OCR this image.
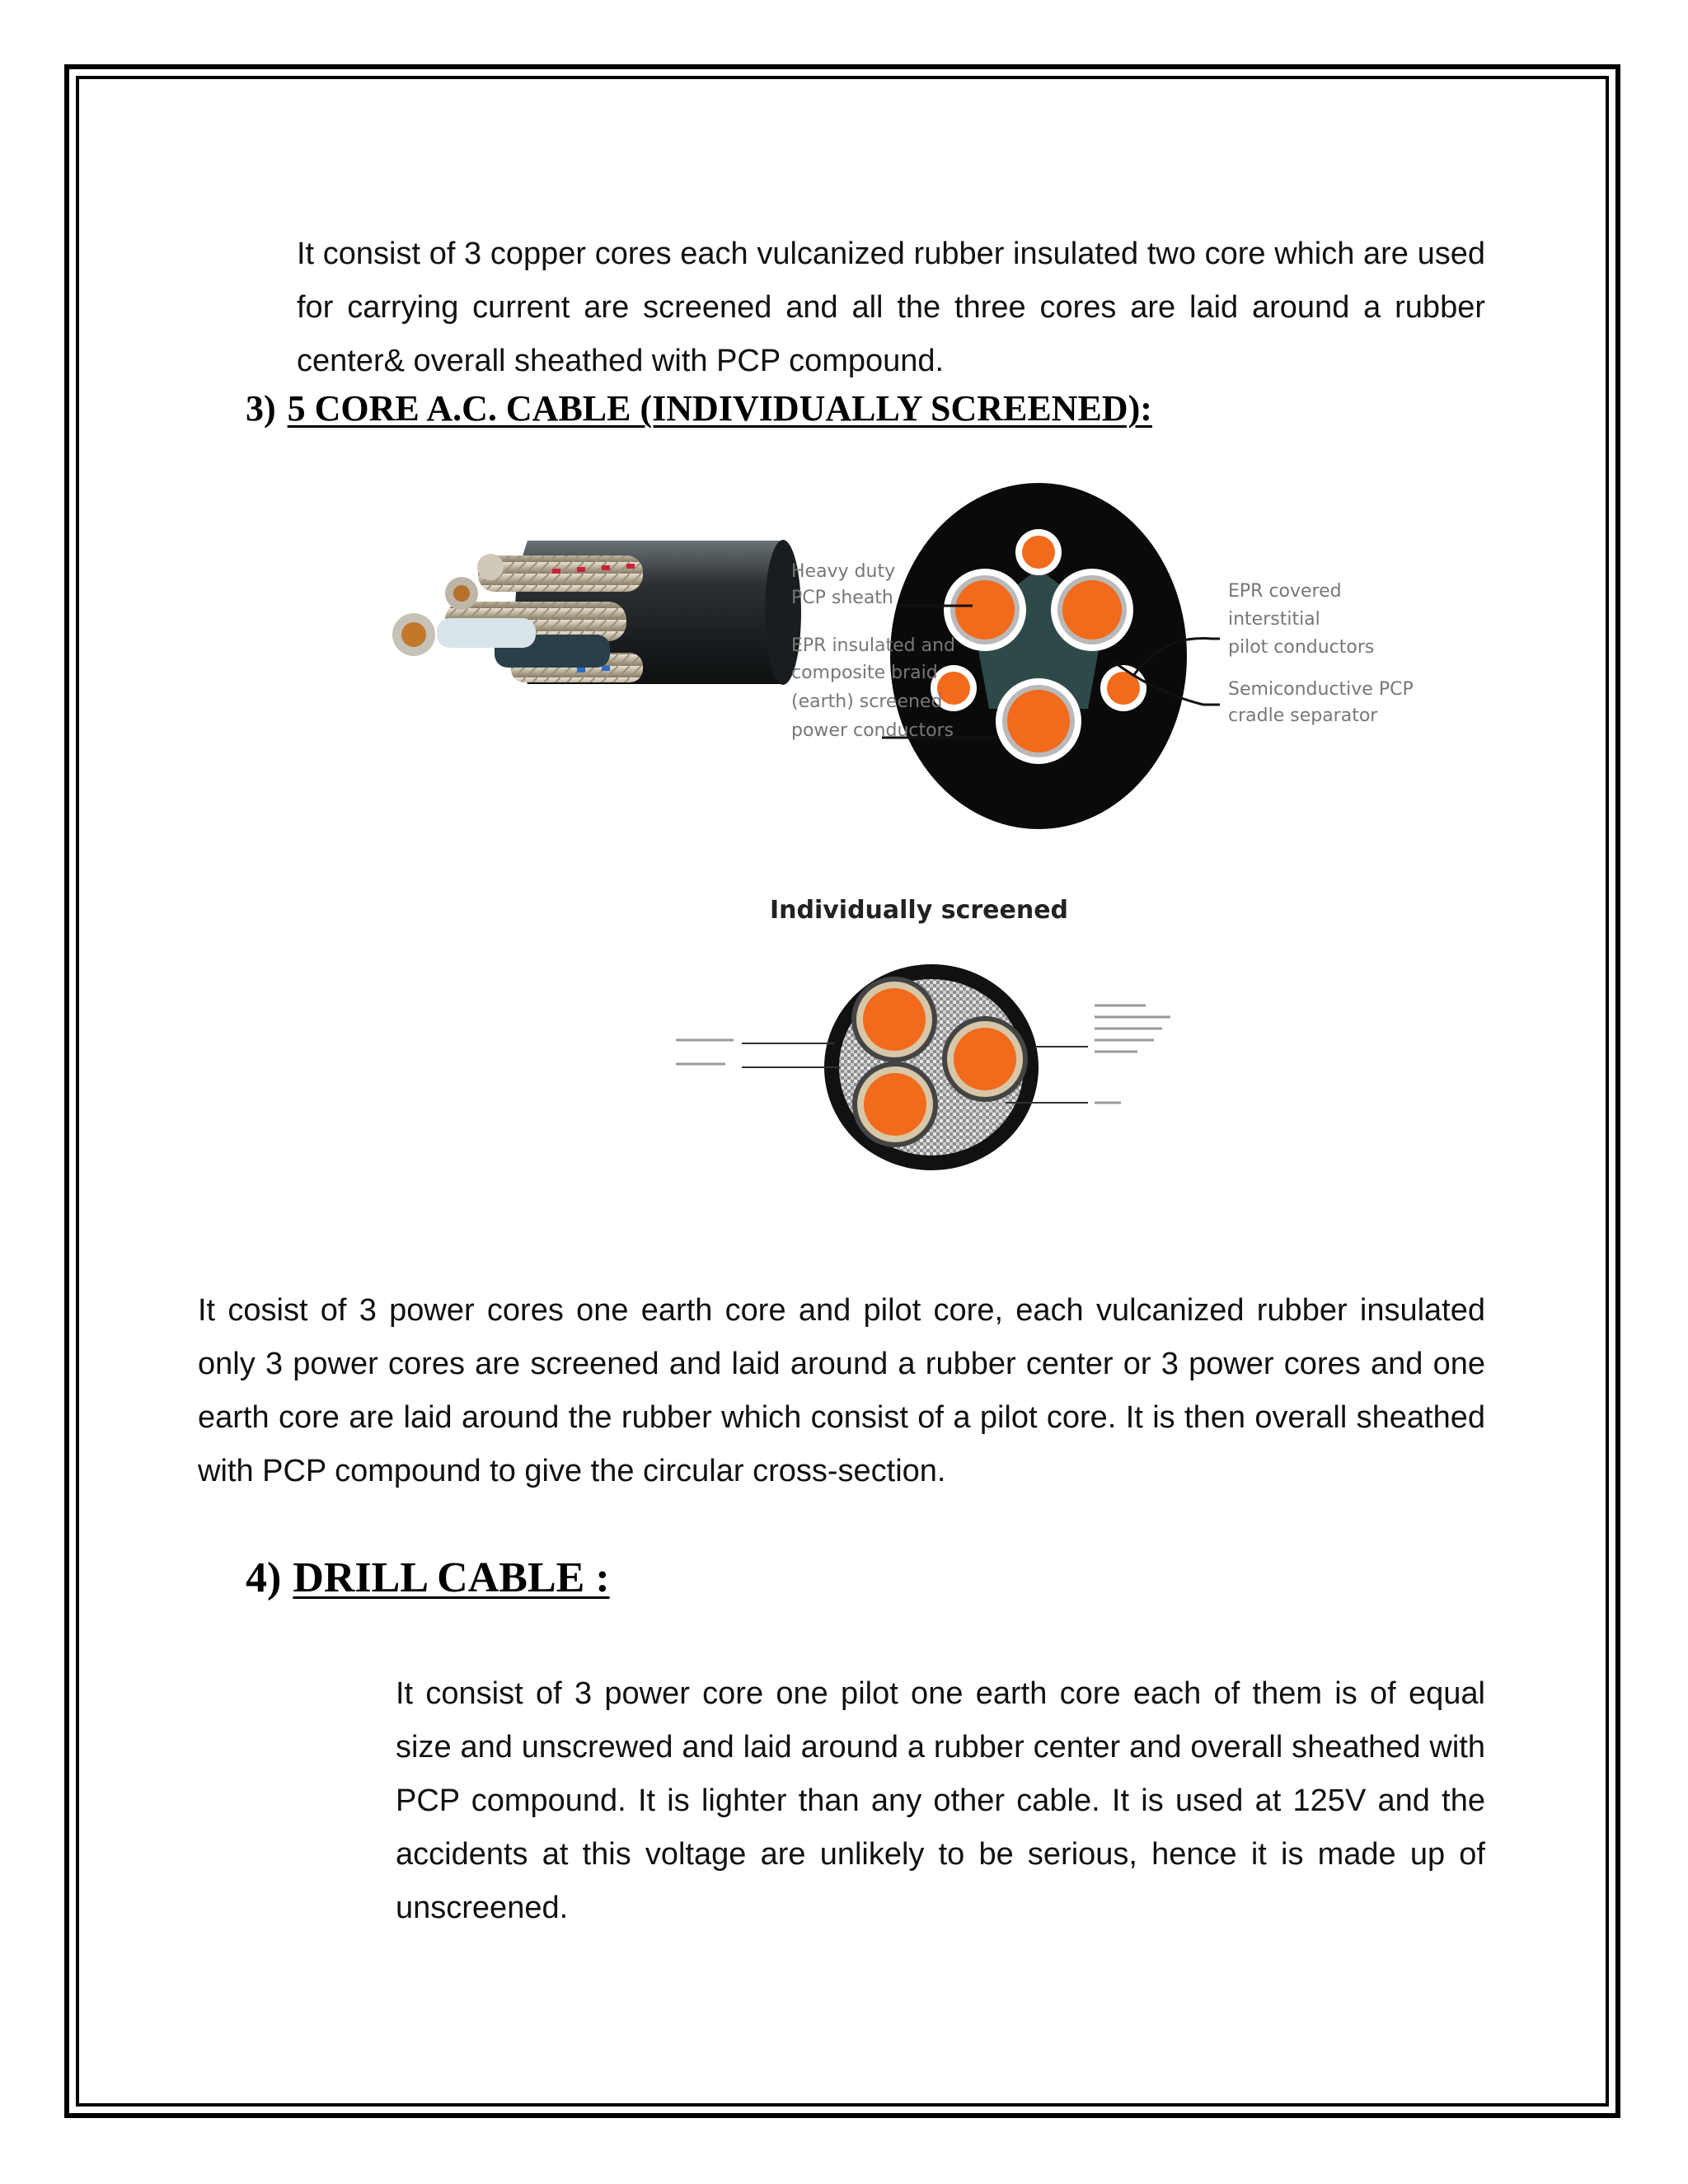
It consist of 3 copper cores each vulcanized rubber insulated two core which are used for carrying current are screened and all the three cores are laid around a rubber center& overall sheathed with PCP compound.

3) 5 CORE A.C. CABLE (INDIVIDUALLY SCREENED):
Heavy duty
PCP sheath
EPR insulated and
composite braid
(earth) screened
power conductors
EPR covered
interstitial
pilot conductors
Semiconductive PCP
cradle separator
Individually screened

It cosist of 3 power cores one earth core and pilot core, each vulcanized rubber insulated only 3 power cores are screened and laid around a rubber center or 3 power cores and one earth core are laid around the rubber which consist of a pilot core. It is then overall sheathed with PCP compound to give the circular cross-section.

4) DRILL CABLE :

It consist of 3 power core one pilot one earth core each of them is of equal size and unscrewed and laid around a rubber center and overall sheathed with PCP compound. It is lighter than any other cable. It is used at 125V and the accidents at this voltage are unlikely to be serious, hence it is made up of unscreened.
